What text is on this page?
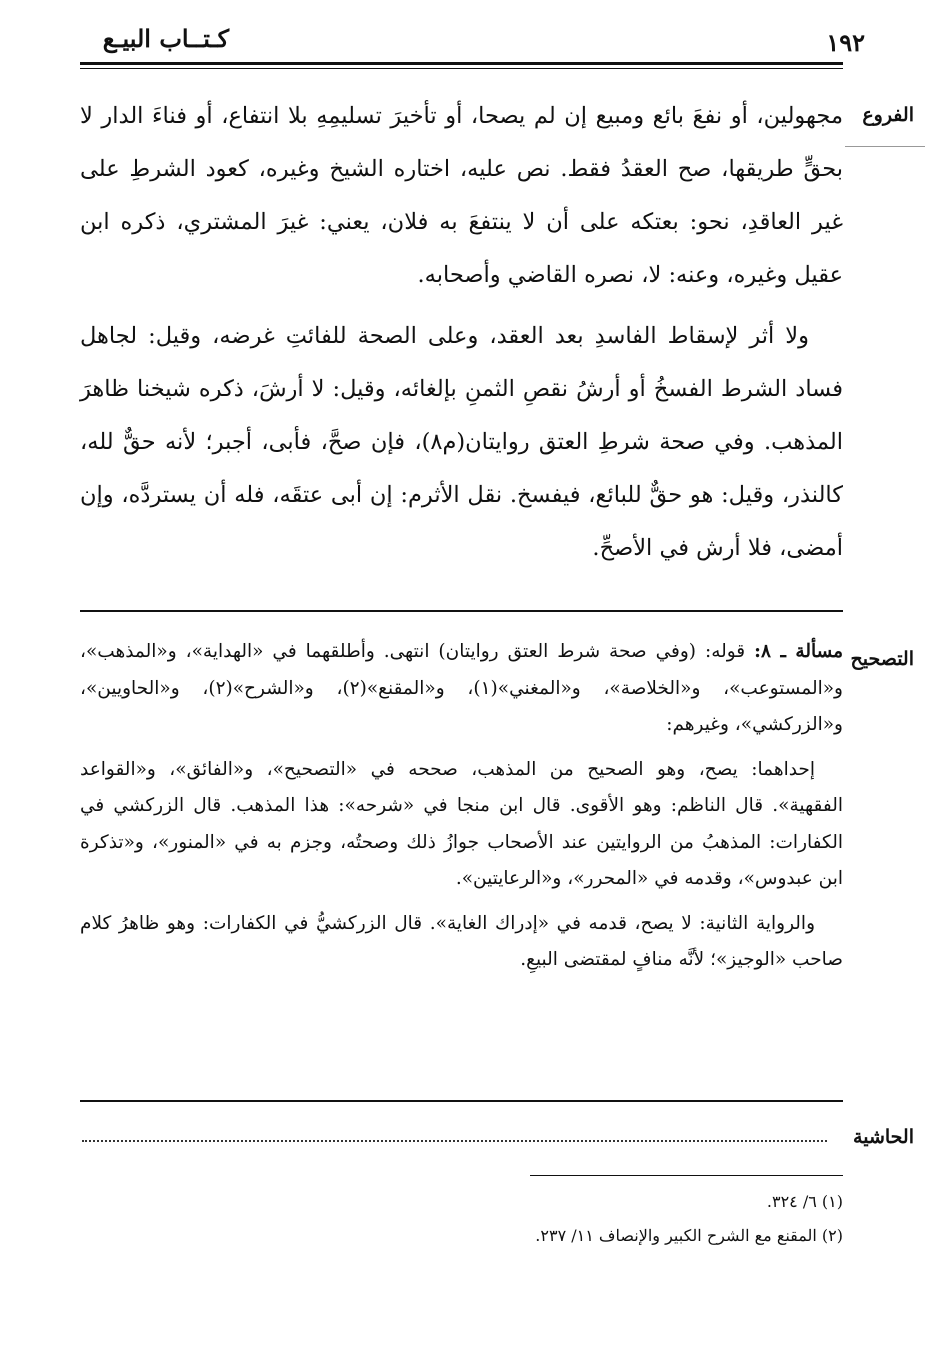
كـتــاب البيـع	١٩٢
الفروع

مجهولين، أو نفعَ بائع ومبيع إن لم يصحا، أو تأخيرَ تسليمِهِ بلا انتفاع، أو فناءَ الدار لا بحقٍّ طريقها، صح العقدُ فقط. نص عليه، اختاره الشيخ وغيره، كعود الشرطِ على غير العاقدِ، نحو: بعتكه على أن لا ينتفعَ به فلان، يعني: غيرَ المشتري، ذكره ابن عقيل وغيره، وعنه: لا، نصره القاضي وأصحابه.

ولا أثر لإسقاط الفاسدِ بعد العقد، وعلى الصحة للفائتِ غرضه، وقيل: لجاهل فساد الشرط الفسخُ أو أرشُ نقصِ الثمنِ بإلغائه، وقيل: لا أرشَ، ذكره شيخنا ظاهرَ المذهب. وفي صحة شرطِ العتق روايتان(م٨)، فإن صحَّ، فأبى، أجبر؛ لأنه حقٌّ لله، كالنذر، وقيل: هو حقٌّ للبائع، فيفسخ. نقل الأثرم: إن أبى عتقَه، فله أن يستردَّه، وإن أمضى، فلا أرش في الأصحِّ.

التصحيح

مسألة ـ ٨: قوله: (وفي صحة شرط العتق روايتان) انتهى. وأطلقهما في «الهداية»، و«المذهب»، و«المستوعب»، و«الخلاصة»، و«المغني»(١)، و«المقنع»(٢)، و«الشرح»(٢)، و«الحاويين»، و«الزركشي»، وغيرهم:

إحداهما: يصح، وهو الصحيح من المذهب، صححه في «التصحيح»، و«الفائق»، و«القواعد الفقهية». قال الناظم: وهو الأقوى. قال ابن منجا في «شرحه»: هذا المذهب. قال الزركشي في الكفارات: المذهبُ من الروايتين عند الأصحاب جوازُ ذلك وصحتُه، وجزم به في «المنور»، و«تذكرة ابن عبدوس»، وقدمه في «المحرر»، و«الرعايتين».

والرواية الثانية: لا يصح، قدمه في «إدراك الغاية». قال الزركشيُّ في الكفارات: وهو ظاهرُ كلام صاحب «الوجيز»؛ لأنَّه منافٍ لمقتضى البيعِ.

الحاشية
(١) ٦/ ٣٢٤.
(٢) المقنع مع الشرح الكبير والإنصاف ١١/ ٢٣٧.
